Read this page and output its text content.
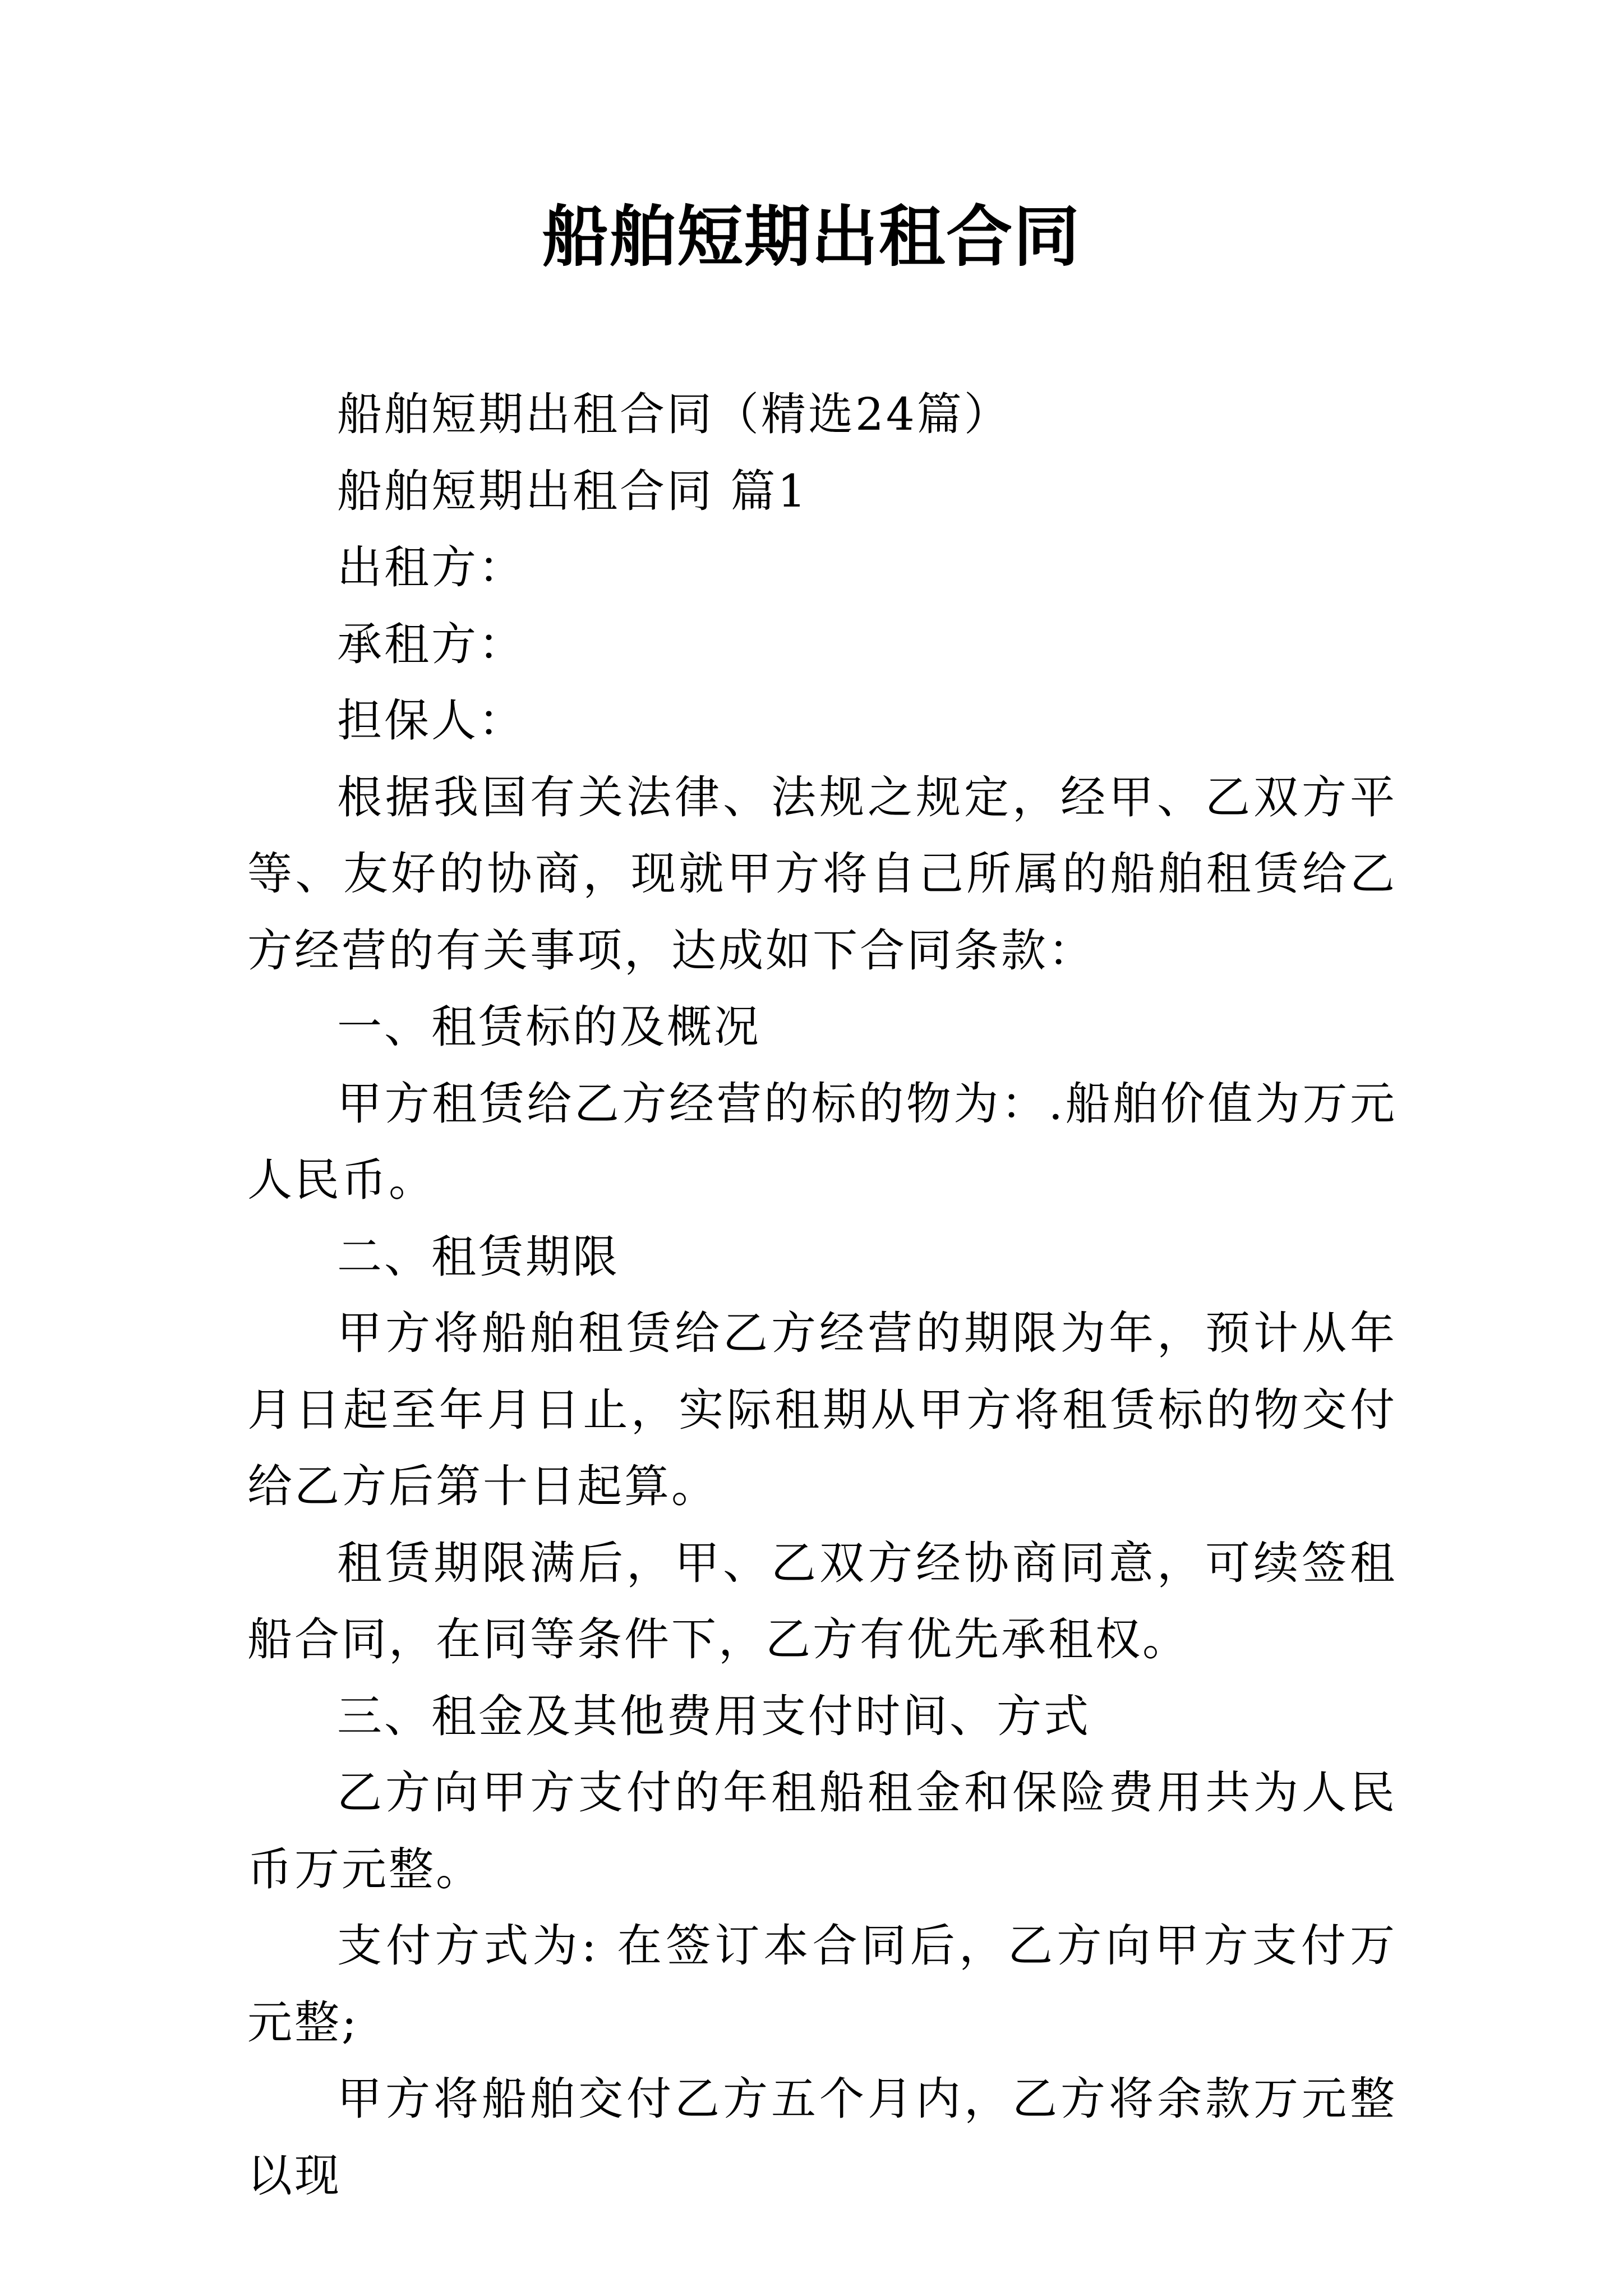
船舶短期出租合同

船舶短期出租合同（精选24篇）

船舶短期出租合同 篇1

出租方：

承租方：

担保人：

根据我国有关法律、法规之规定，经甲、乙双方平等、友好的协商，现就甲方将自己所属的船舶租赁给乙方经营的有关事项，达成如下合同条款：

一、租赁标的及概况

甲方租赁给乙方经营的标的物为：.船舶价值为万元人民币。

二、租赁期限

甲方将船舶租赁给乙方经营的期限为年，预计从年月日起至年月日止，实际租期从甲方将租赁标的物交付给乙方后第十日起算。

租赁期限满后，甲、乙双方经协商同意，可续签租船合同，在同等条件下，乙方有优先承租权。

三、租金及其他费用支付时间、方式

乙方向甲方支付的年租船租金和保险费用共为人民币万元整。

支付方式为: 在签订本合同后，乙方向甲方支付万元整;

甲方将船舶交付乙方五个月内，乙方将余款万元整以现
